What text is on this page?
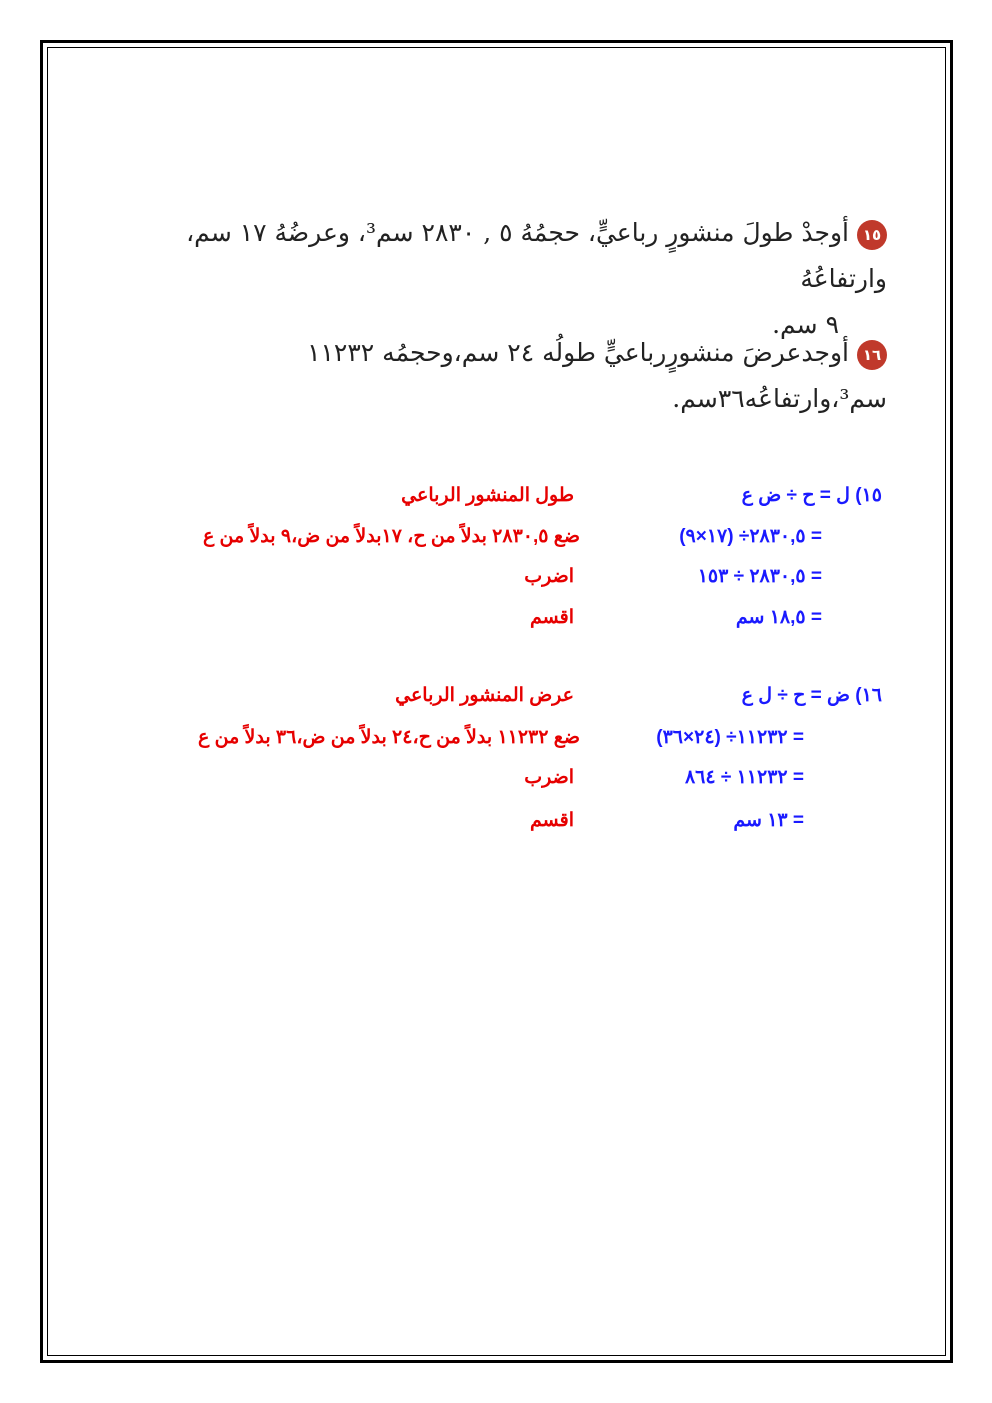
١٥أوجدْ طولَ منشورٍ رباعيٍّ، حجمُهُ ٥ , ٢٨٣٠ سم³، وعرضُهُ ١٧ سم، وارتفاعُهُ
٩ سم.
١٦أوجدعرضَ منشورٍرباعيٍّ طولُه ٢٤ سم،وحجمُه ١١٢٣٢ سم³،وارتفاعُه٣٦سم.
١٥) ل = ح ÷ ض ع
طول المنشور الرباعي
= ٢٨٣٠,٥÷ (١٧×٩)
ضع ٢٨٣٠,٥ بدلاً من ح، ١٧بدلاً من ض،٩ بدلاً من ع
= ٢٨٣٠,٥ ÷ ١٥٣
اضرب
= ١٨,٥ سم
اقسم
١٦) ض = ح ÷ ل ع
عرض المنشور الرباعي
= ١١٢٣٢÷ (٢٤×٣٦)
ضع ١١٢٣٢ بدلاً من ح،٢٤ بدلاً من ض،٣٦ بدلاً من ع
= ١١٢٣٢ ÷ ٨٦٤
اضرب
= ١٣ سم
اقسم
